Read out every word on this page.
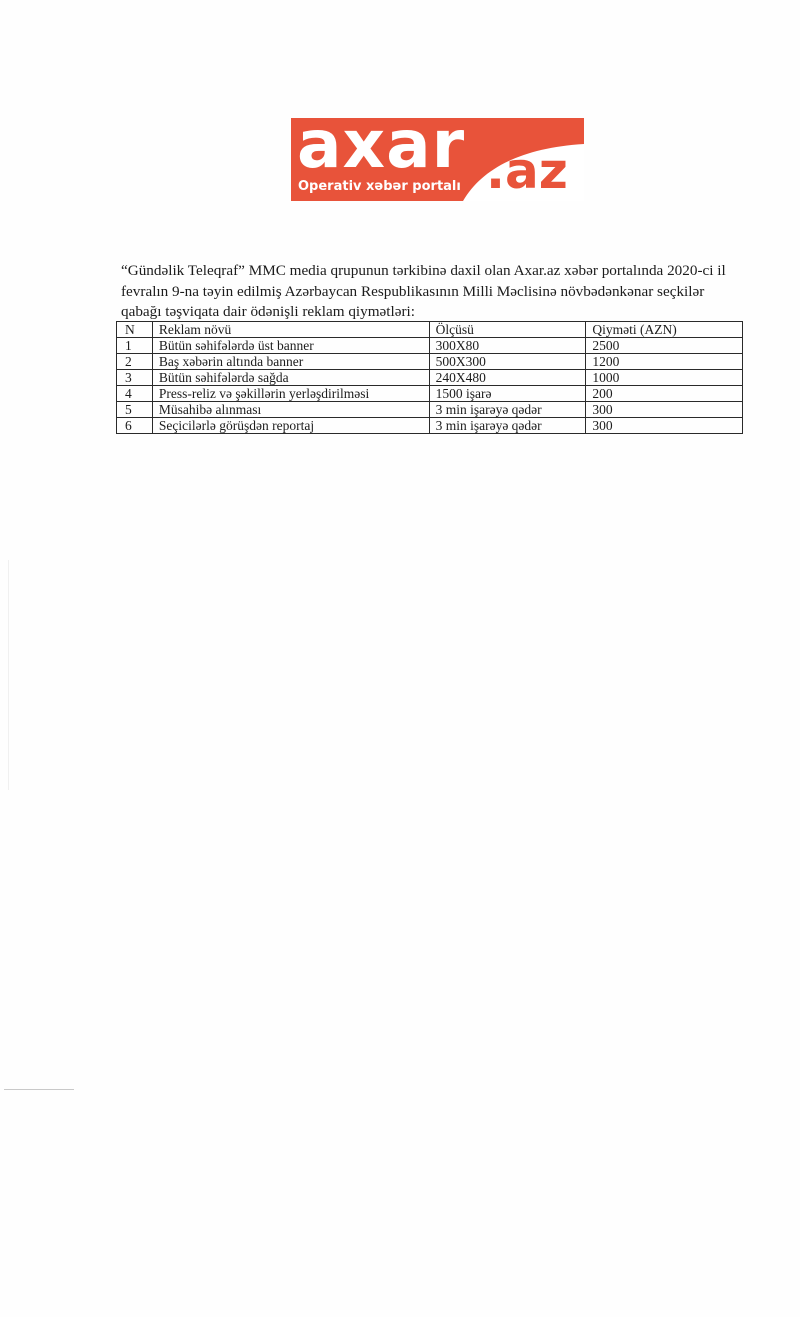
axar .az
Operativ xəbər portalı

“Gündəlik Teleqraf” MMC media qrupunun tərkibinə daxil olan Axar.az xəbər portalında 2020-ci il fevralın 9-na təyin edilmiş Azərbaycan Respublikasının Milli Məclisinə növbədənkənar seçkilər qabağı təşviqata dair ödənişli reklam qiymətləri:

N	Reklam növü	Ölçüsü	Qiyməti (AZN)
1	Bütün səhifələrdə üst banner	300X80	2500
2	Baş xəbərin altında banner	500X300	1200
3	Bütün səhifələrdə sağda	240X480	1000
4	Press-reliz və şəkillərin yerləşdirilməsi	1500 işarə	200
5	Müsahibə alınması	3 min işarəyə qədər	300
6	Seçicilərlə görüşdən reportaj	3 min işarəyə qədər	300
